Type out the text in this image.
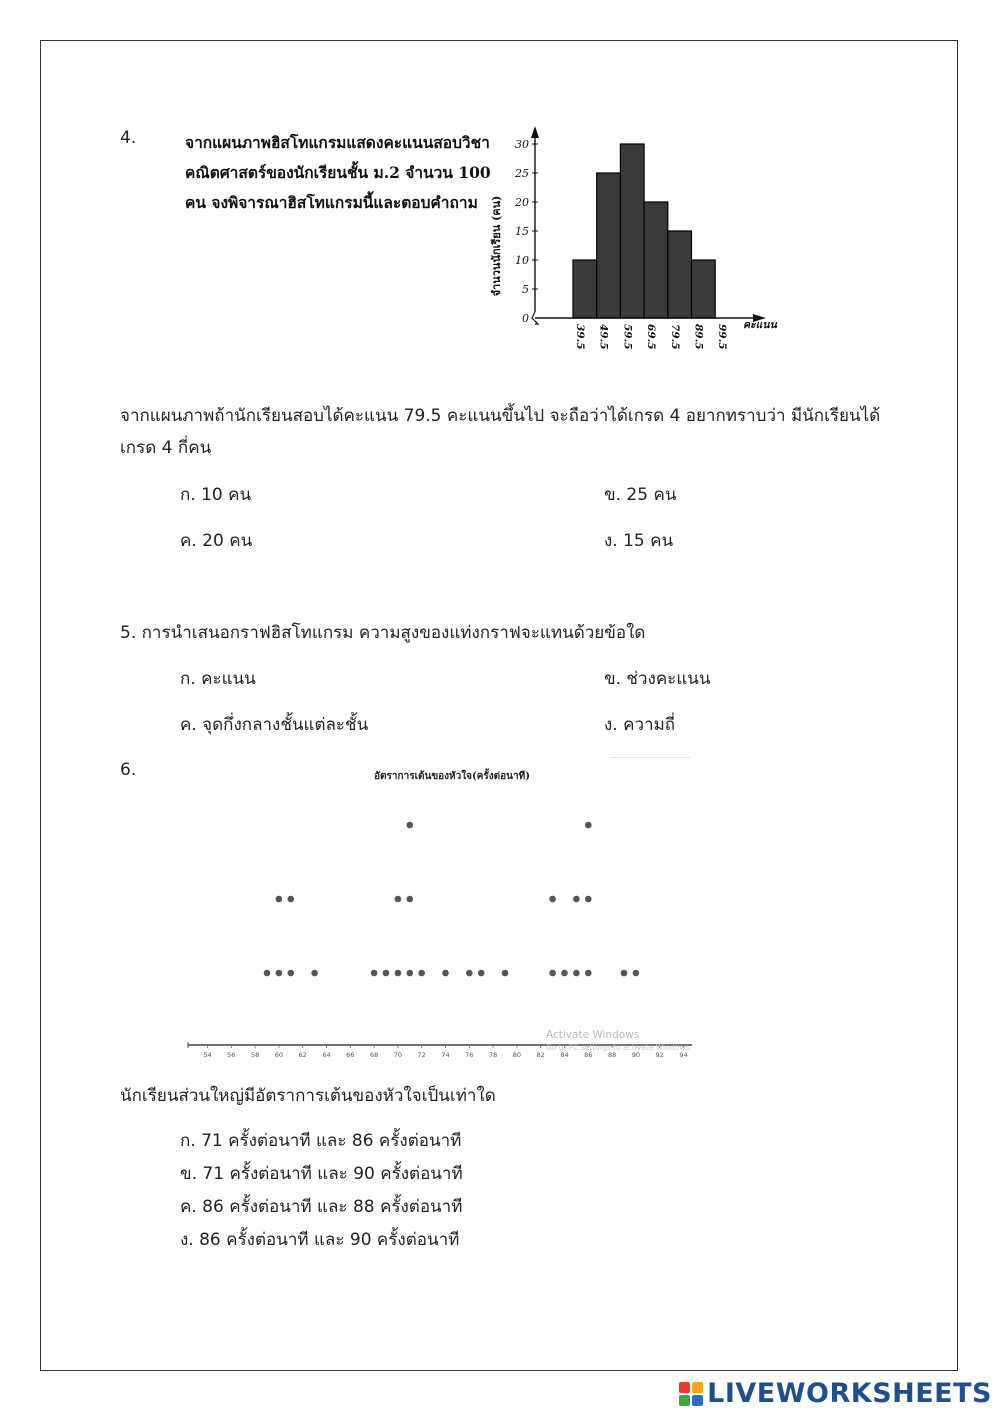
4.	จากแผนภาพฮิสโทแกรมแสดงคะแนนสอบวิชา
คณิตศาสตร์ของนักเรียนชั้น ม.2 จำนวน 100
คน จงพิจารณาฮิสโทแกรมนี้และตอบคำถาม
0
5
10
15
20
25
30
จำนวนนักเรียน (คน)
39.5 49.5 59.5 69.5 79.5 89.5 99.5 คะแนน
จากแผนภาพถ้านักเรียนสอบได้คะแนน 79.5 คะแนนขึ้นไป จะถือว่าได้เกรด 4 อยากทราบว่า มีนักเรียนได้
เกรด 4 กี่คน
ก. 10 คน	ข. 25 คน
ค. 20 คน	ง. 15 คน
5. การนำเสนอกราฟฮิสโทแกรม ความสูงของแท่งกราฟจะแทนด้วยข้อใด
ก. คะแนน	ข. ช่วงคะแนน
ค. จุดกึ่งกลางชั้นแต่ละชั้น	ง. ความถี่
6.	อัตราการเต้นของหัวใจ(ครั้งต่อนาที)
54 56 58 60 62 64 66 68 70 72 74 76 78 80 82 84 86 88 90 92 94
Activate Windows
Go to PC settings to activate Windows.
นักเรียนส่วนใหญ่มีอัตราการเต้นของหัวใจเป็นเท่าใด
ก. 71 ครั้งต่อนาที และ 86 ครั้งต่อนาที
ข. 71 ครั้งต่อนาที และ 90 ครั้งต่อนาที
ค. 86 ครั้งต่อนาที และ 88 ครั้งต่อนาที
ง. 86 ครั้งต่อนาที และ 90 ครั้งต่อนาที
LIVEWORKSHEETS
